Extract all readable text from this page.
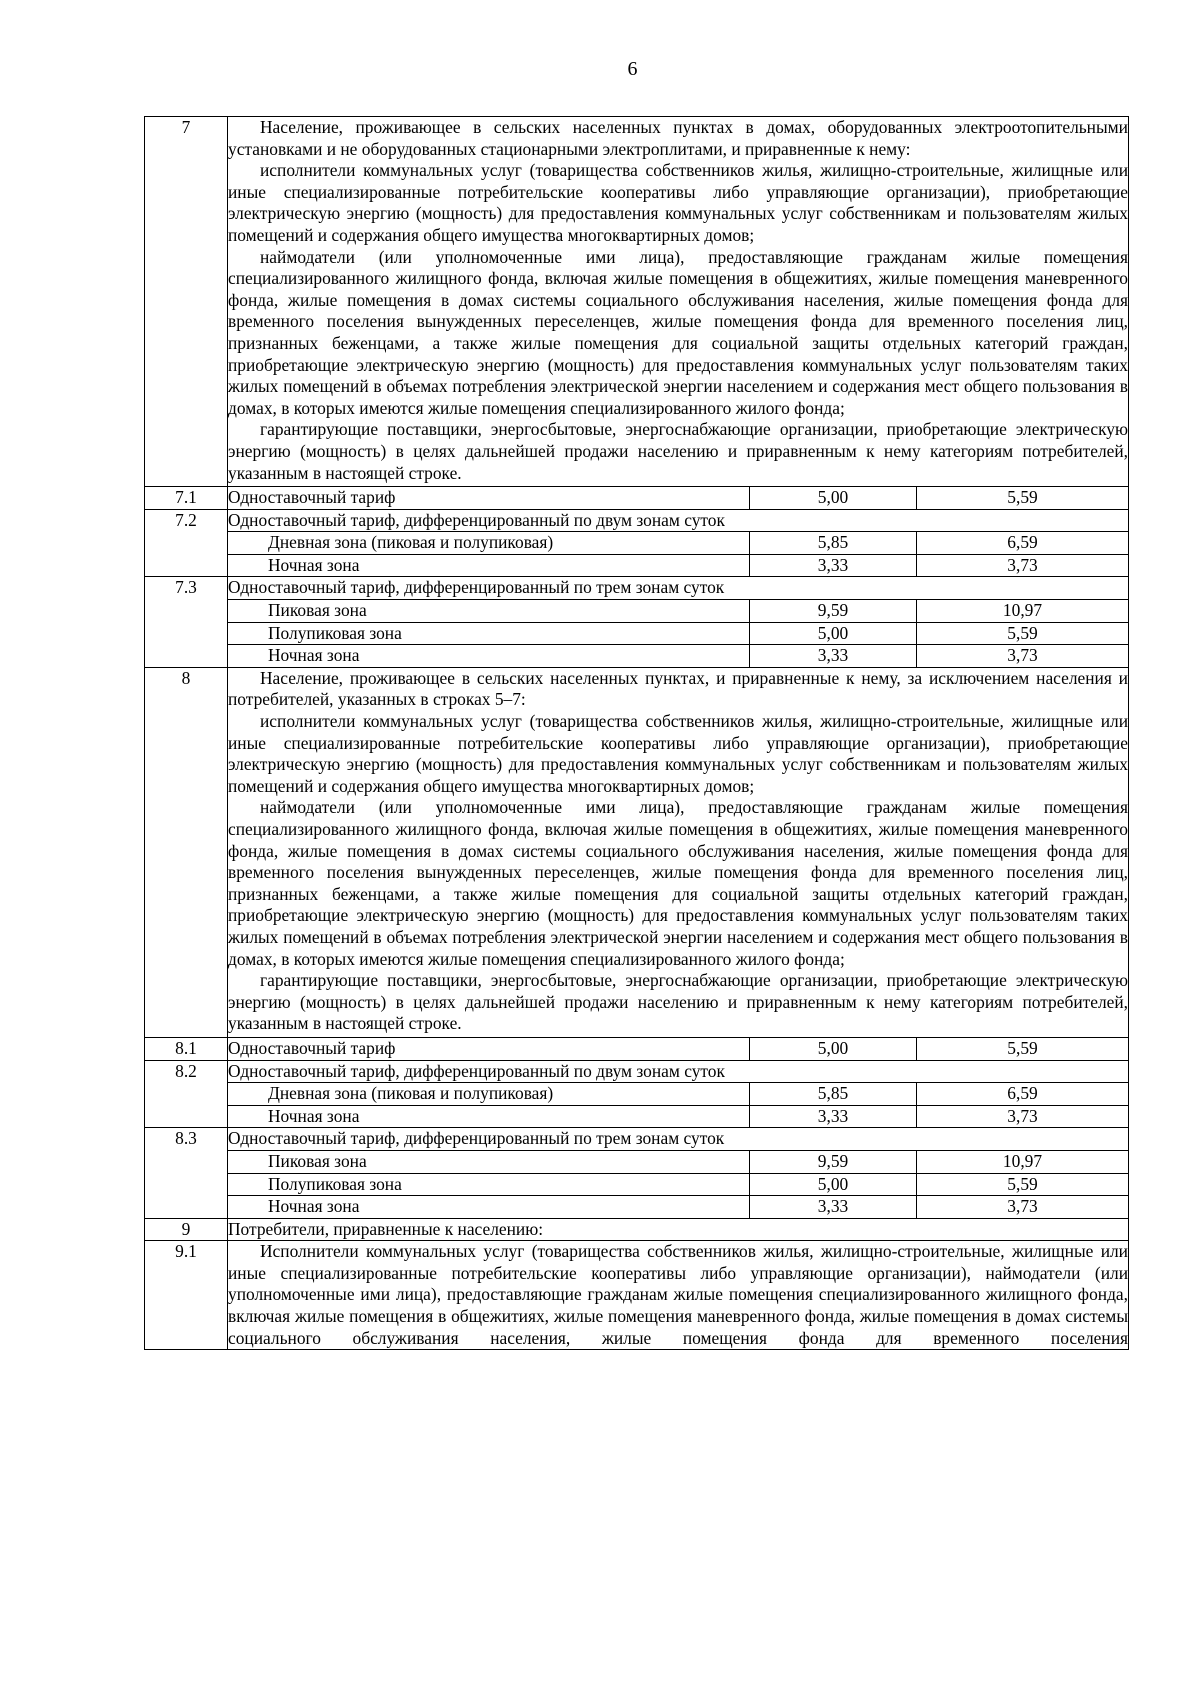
6
7	Население, проживающее в сельских населенных пунктах в домах, оборудованных электроотопительными установками и не оборудованных стационарными электроплитами, и приравненные к нему:
исполнители коммунальных услуг (товарищества собственников жилья, жилищно-строительные, жилищные или иные специализированные потребительские кооперативы либо управляющие организации), приобретающие электрическую энергию (мощность) для предоставления коммунальных услуг собственникам и пользователям жилых помещений и содержания общего имущества многоквартирных домов;
наймодатели (или уполномоченные ими лица), предоставляющие гражданам жилые помещения специализированного жилищного фонда, включая жилые помещения в общежитиях, жилые помещения маневренного фонда, жилые помещения в домах системы социального обслуживания населения, жилые помещения фонда для временного поселения вынужденных переселенцев, жилые помещения фонда для временного поселения лиц, признанных беженцами, а также жилые помещения для социальной защиты отдельных категорий граждан, приобретающие электрическую энергию (мощность) для предоставления коммунальных услуг пользователям таких жилых помещений в объемах потребления электрической энергии населением и содержания мест общего пользования в домах, в которых имеются жилые помещения специализированного жилого фонда;
гарантирующие поставщики, энергосбытовые, энергоснабжающие организации, приобретающие электрическую энергию (мощность) в целях дальнейшей продажи населению и приравненным к нему категориям потребителей, указанным в настоящей строке.		

7.1	Одноставочный тариф	5,00	5,59
7.2	Одноставочный тариф, дифференцированный по двум зонам суток		
	Дневная зона (пиковая и полупиковая)	5,85	6,59
	Ночная зона	3,33	3,73
7.3	Одноставочный тариф, дифференцированный по трем зонам суток		
	Пиковая зона	9,59	10,97
	Полупиковая зона	5,00	5,59
	Ночная зона	3,33	3,73
8	Население, проживающее в сельских населенных пунктах, и приравненные к нему, за исключением населения и потребителей, указанных в строках 5–7:
исполнители коммунальных услуг (товарищества собственников жилья, жилищно-строительные, жилищные или иные специализированные потребительские кооперативы либо управляющие организации), приобретающие электрическую энергию (мощность) для предоставления коммунальных услуг собственникам и пользователям жилых помещений и содержания общего имущества многоквартирных домов;
наймодатели (или уполномоченные ими лица), предоставляющие гражданам жилые помещения специализированного жилищного фонда, включая жилые помещения в общежитиях, жилые помещения маневренного фонда, жилые помещения в домах системы социального обслуживания населения, жилые помещения фонда для временного поселения вынужденных переселенцев, жилые помещения фонда для временного поселения лиц, признанных беженцами, а также жилые помещения для социальной защиты отдельных категорий граждан, приобретающие электрическую энергию (мощность) для предоставления коммунальных услуг пользователям таких жилых помещений в объемах потребления электрической энергии населением и содержания мест общего пользования в домах, в которых имеются жилые помещения специализированного жилого фонда;
гарантирующие поставщики, энергосбытовые, энергоснабжающие организации, приобретающие электрическую энергию (мощность) в целях дальнейшей продажи населению и приравненным к нему категориям потребителей, указанным в настоящей строке.		

8.1	Одноставочный тариф	5,00	5,59
8.2	Одноставочный тариф, дифференцированный по двум зонам суток		
	Дневная зона (пиковая и полупиковая)	5,85	6,59
	Ночная зона	3,33	3,73
8.3	Одноставочный тариф, дифференцированный по трем зонам суток		
	Пиковая зона	9,59	10,97
	Полупиковая зона	5,00	5,59
	Ночная зона	3,33	3,73
9	Потребители, приравненные к населению:		
9.1	Исполнители коммунальных услуг (товарищества собственников жилья, жилищно-строительные, жилищные или иные специализированные потребительские кооперативы либо управляющие организации), наймодатели (или уполномоченные ими лица), предоставляющие гражданам жилые помещения специализированного жилищного фонда, включая жилые помещения в общежитиях, жилые помещения маневренного фонда, жилые помещения в домах системы социального обслуживания населения, жилые помещения фонда для временного поселения		
